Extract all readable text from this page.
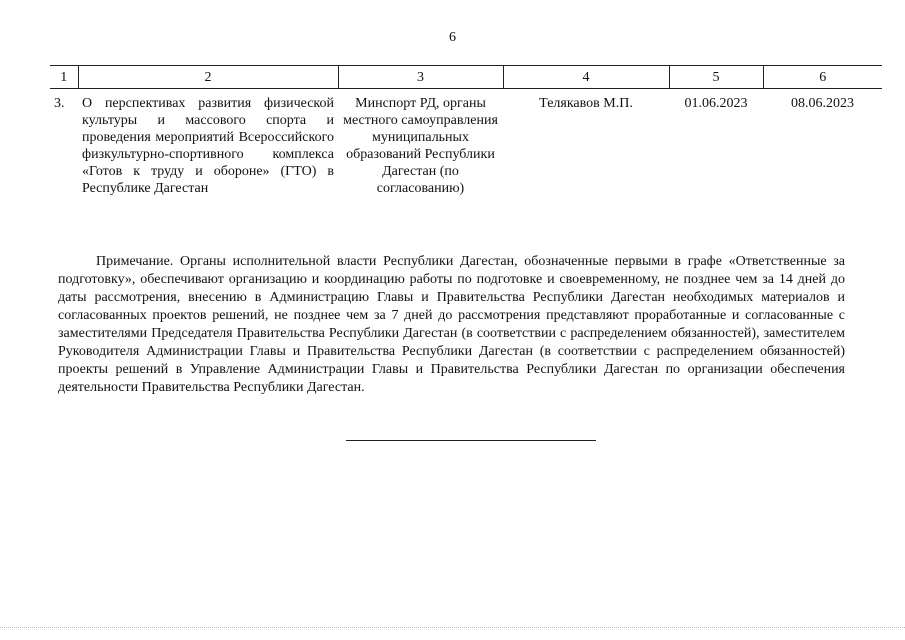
6
1	2	3	4	5	6
3.	О перспективах развития физической культуры и массового спорта и проведения мероприятий Всероссийского физкультурно-спортивного комплекса «Готов к труду и обороне» (ГТО) в Республике Дагестан	Минспорт РД, органы местного самоуправления муниципальных образований Республики Дагестан (по согласованию)	Телякавов М.П.	01.06.2023	08.06.2023

Примечание. Органы исполнительной власти Республики Дагестан, обозначенные первыми в графе «Ответственные за подготовку», обеспечивают организацию и координацию работы по подготовке и своевременному, не позднее чем за 14 дней до даты рассмотрения, внесению в Администрацию Главы и Правительства Республики Дагестан необходимых материалов и согласованных проектов решений, не позднее чем за 7 дней до рассмотрения представляют проработанные и согласованные с заместителями Председателя Правительства Республики Дагестан (в соответствии с распределением обязанностей), заместителем Руководителя Администрации Главы и Правительства Республики Дагестан (в соответствии с распределением обязанностей) проекты решений в Управление Администрации Главы и Правительства Республики Дагестан по организации обеспечения деятельности Правительства Республики Дагестан.
